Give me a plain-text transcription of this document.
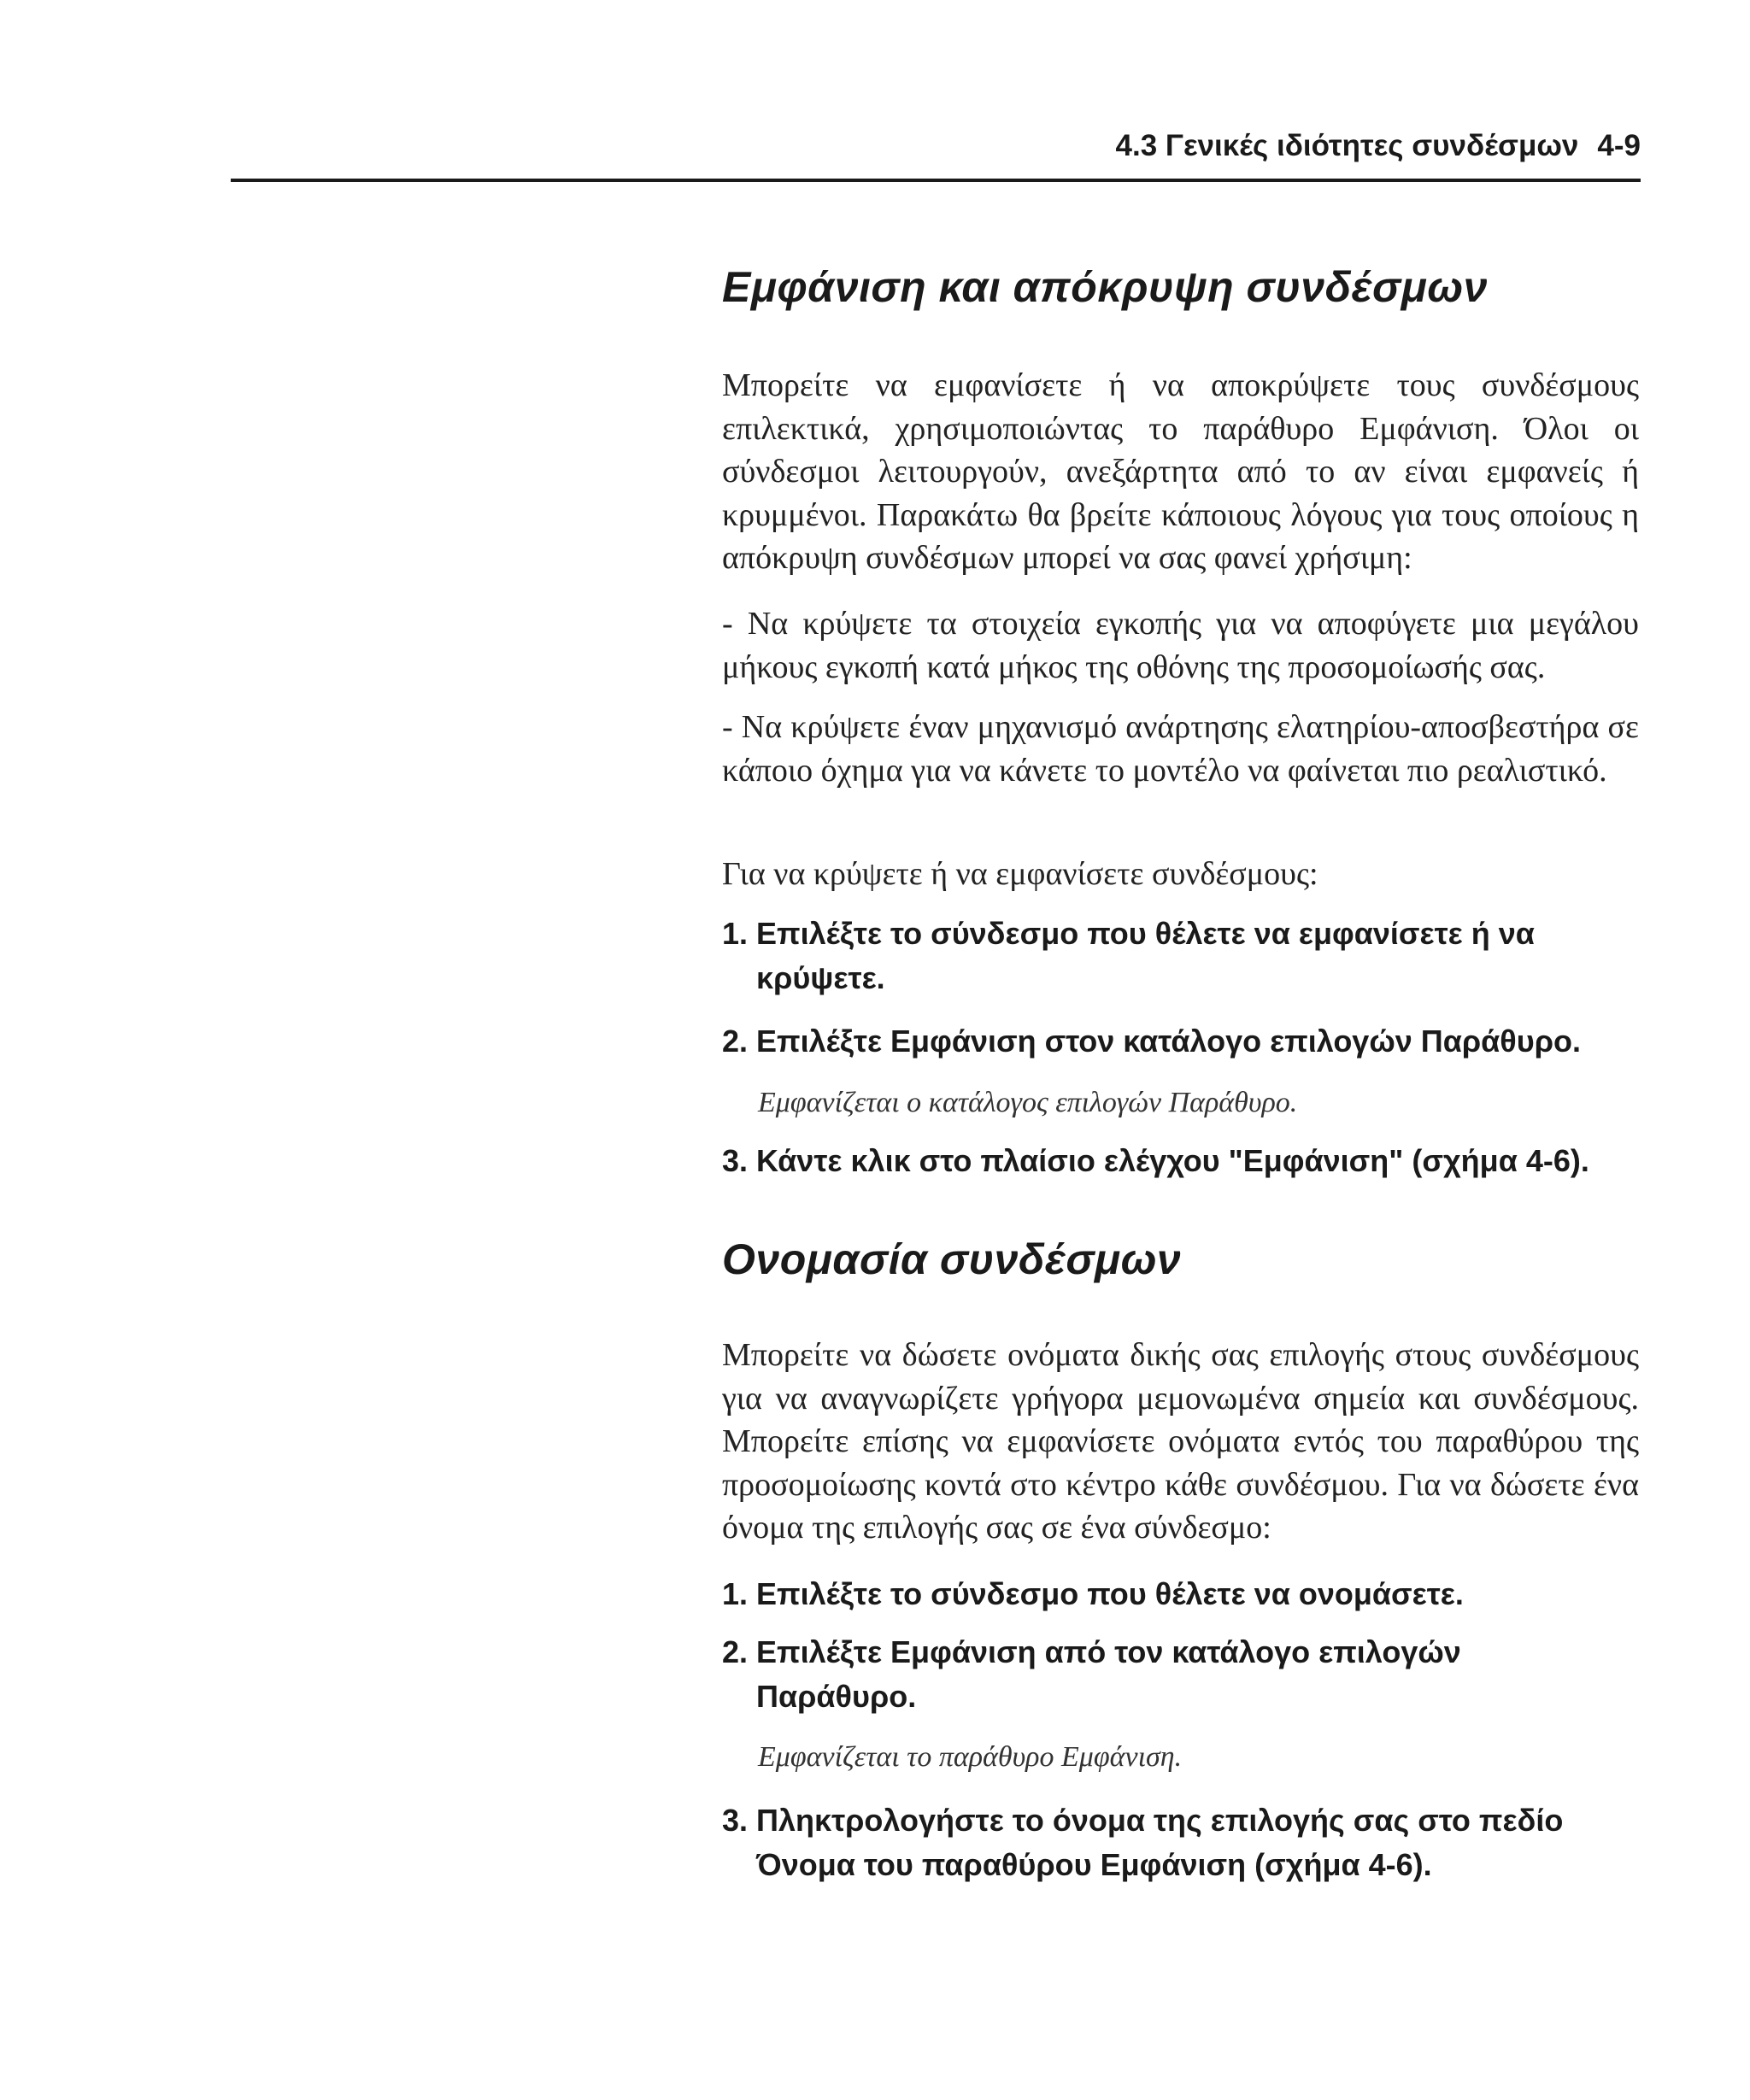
4.3 Γενικές ιδιότητες συνδέσμων 4-9
Εμφάνιση και απόκρυψη συνδέσμων

Μπορείτε να εμφανίσετε ή να αποκρύψετε τους συνδέσμους επιλεκτικά, χρησιμοποιώντας το παράθυρο Εμφάνιση. Όλοι οι σύνδεσμοι λειτουργούν, ανεξάρτητα από το αν είναι εμφανείς ή κρυμμένοι. Παρακάτω θα βρείτε κάποιους λόγους για τους οποίους η απόκρυψη συνδέσμων μπορεί να σας φανεί χρήσιμη:

- Να κρύψετε τα στοιχεία εγκοπής για να αποφύγετε μια μεγάλου μήκους εγκοπή κατά μήκος της οθόνης της προσομοίωσής σας.

- Να κρύψετε έναν μηχανισμό ανάρτησης ελατηρίου-αποσβεστήρα σε κάποιο όχημα για να κάνετε το μοντέλο να φαίνεται πιο ρεαλιστικό.

Για να κρύψετε ή να εμφανίσετε συνδέσμους:

1. Επιλέξτε το σύνδεσμο που θέλετε να εμφανίσετε ή να κρύψετε.

2. Επιλέξτε Εμφάνιση στον κατάλογο επιλογών Παράθυρο.

Εμφανίζεται ο κατάλογος επιλογών Παράθυρο.

3. Κάντε κλικ στο πλαίσιο ελέγχου "Εμφάνιση" (σχήμα 4-6).

Ονομασία συνδέσμων

Μπορείτε να δώσετε ονόματα δικής σας επιλογής στους συνδέσμους για να αναγνωρίζετε γρήγορα μεμονωμένα σημεία και συνδέσμους. Μπορείτε επίσης να εμφανίσετε ονόματα εντός του παραθύρου της προσομοίωσης κοντά στο κέντρο κάθε συνδέσμου. Για να δώσετε ένα όνομα της επιλογής σας σε ένα σύνδεσμο:

1. Επιλέξτε το σύνδεσμο που θέλετε να ονομάσετε.

2. Επιλέξτε Εμφάνιση από τον κατάλογο επιλογών Παράθυρο.

Εμφανίζεται το παράθυρο Εμφάνιση.

3. Πληκτρολογήστε το όνομα της επιλογής σας στο πεδίο Όνομα του παραθύρου Εμφάνιση (σχήμα 4-6).
